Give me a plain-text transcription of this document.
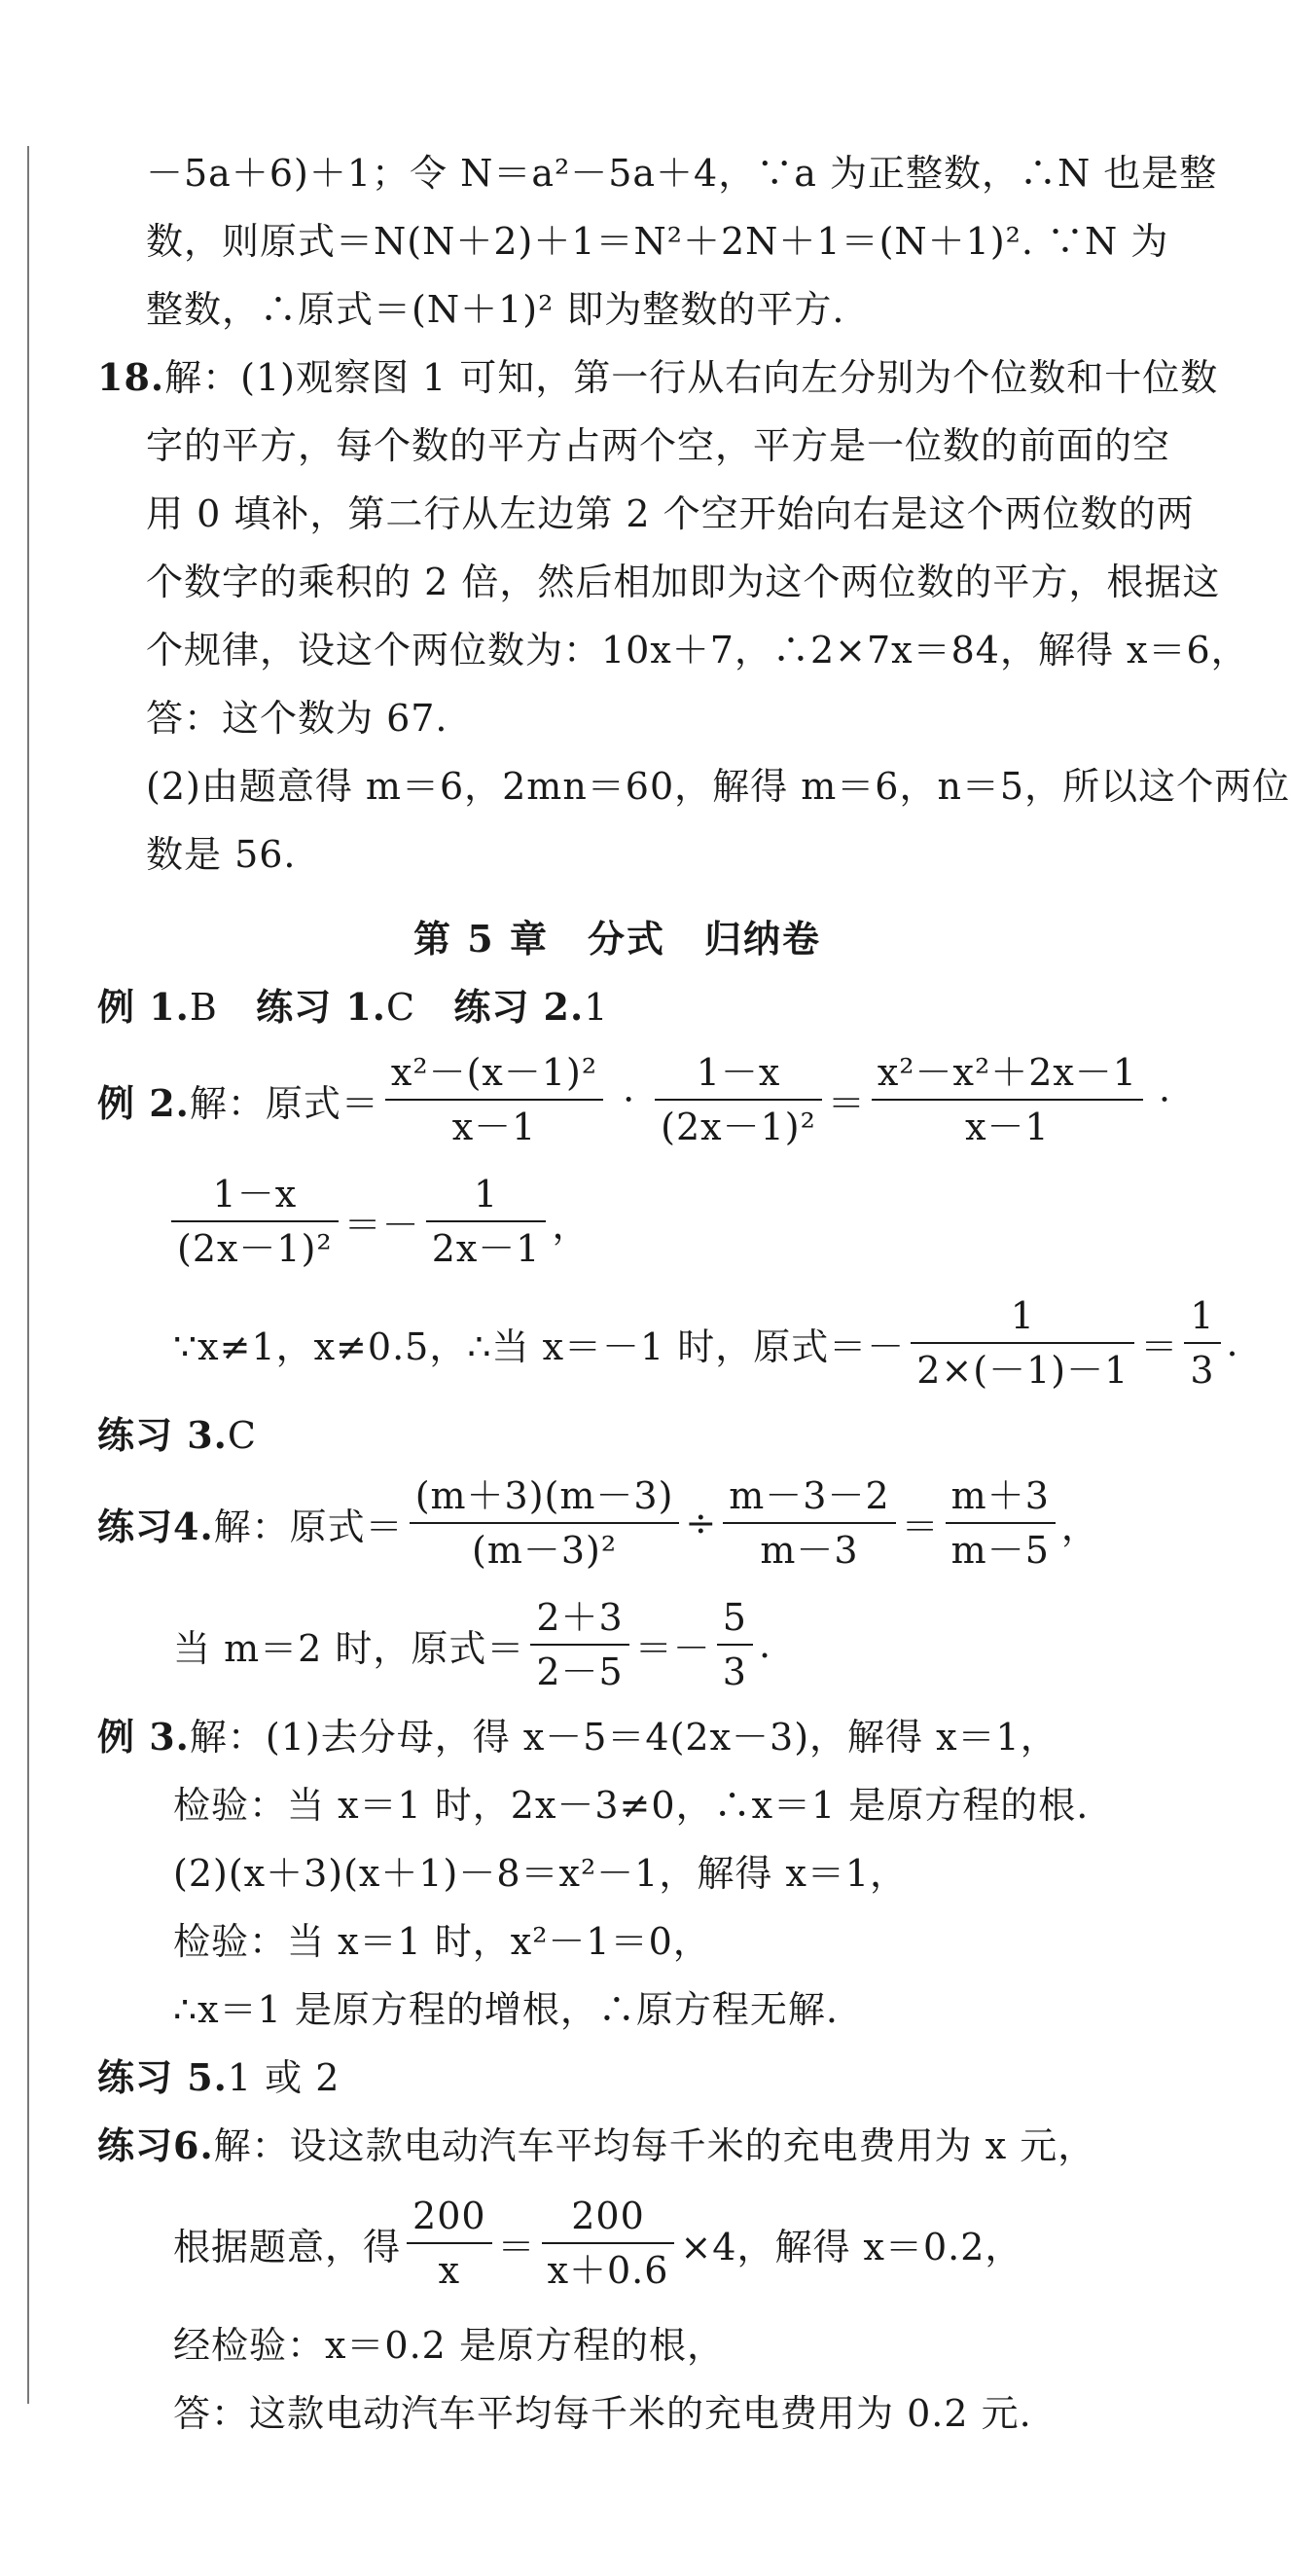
－5a＋6)＋1；令 N＝a²－5a＋4，∵a 为正整数，∴N 也是整
数，则原式＝N(N＋2)＋1＝N²＋2N＋1＝(N＋1)². ∵N 为
整数，∴原式＝(N＋1)² 即为整数的平方.
18.解：(1)观察图 1 可知，第一行从右向左分别为个位数和十位数
字的平方，每个数的平方占两个空，平方是一位数的前面的空
用 0 填补，第二行从左边第 2 个空开始向右是这个两位数的两
个数字的乘积的 2 倍，然后相加即为这个两位数的平方，根据这
个规律，设这个两位数为：10x＋7，∴2×7x＝84，解得 x＝6，
答：这个数为 67.
(2)由题意得 m＝6，2mn＝60，解得 m＝6，n＝5，所以这个两位
数是 56.
第 5 章　分式　归纳卷
例 1.B 练习 1.C 练习 2.1
例 2. 解：原式＝ $\frac{\text{x²－(x－1)²}}{x-1} \cdot \frac{1-x}{\text{(2x－1)²}} = \frac{\text{x²－x²＋2x－1}}{x-1}$ ·
$\frac{1-x}{\text{(2x－1)²}} =- \frac{1}{2x-1}$ ，
∵x≠1，x≠0.5，∴当 x＝－1 时，原式＝－ $\frac{1}{2\times(-1)-1} = \frac{1}{3}$ .
练习 3.C
练习4. 解：原式＝ $\frac{(m+3)(m-3)}{\text{(m－3)²}} \div \frac{m-3-2}{m-3} = \frac{m+3}{m-5}$ ，
当 m＝2 时，原式＝ $\frac{2+3}{2-5} =- \frac{5}{3}$ .
例 3.解：(1)去分母，得 x－5＝4(2x－3)，解得 x＝1，
检验：当 x＝1 时，2x－3≠0，∴x＝1 是原方程的根.
(2)(x＋3)(x＋1)－8＝x²－1，解得 x＝1，
检验：当 x＝1 时，x²－1＝0，
∴x＝1 是原方程的增根，∴原方程无解.
练习 5.1 或 2
练习6.解：设这款电动汽车平均每千米的充电费用为 x 元，
根据题意，得 $\frac{200}{x} = \frac{200}{x+0.6} \times 4$，解得 x＝0.2，
经检验：x＝0.2 是原方程的根，
答：这款电动汽车平均每千米的充电费用为 0.2 元.
